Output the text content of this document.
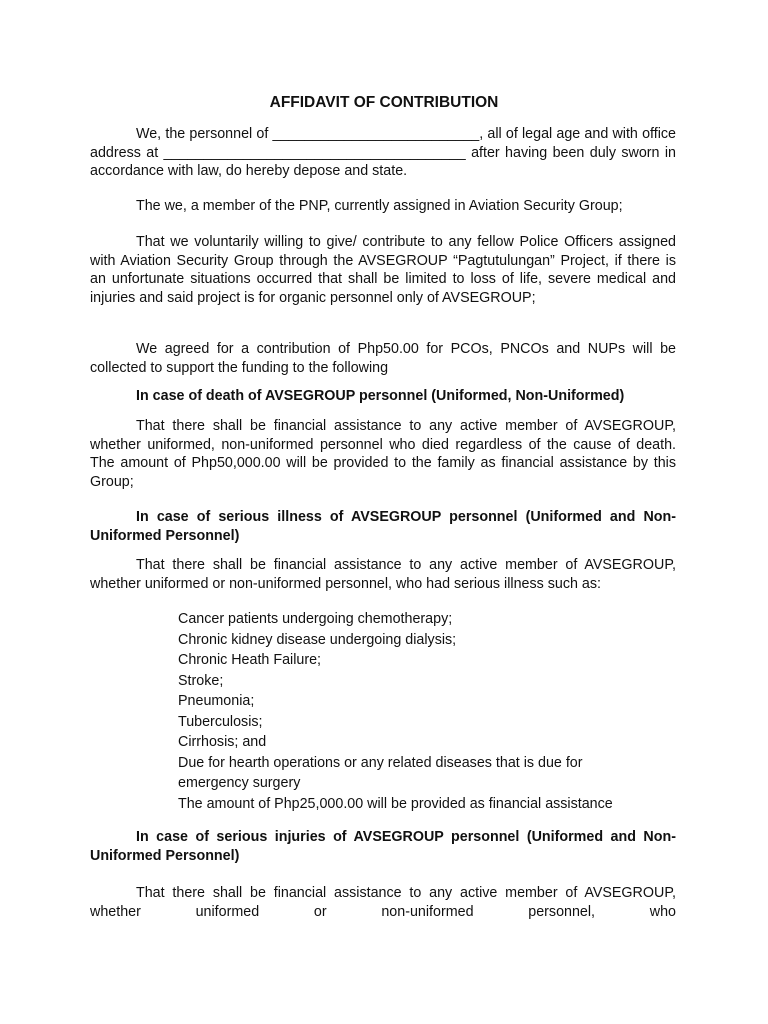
AFFIDAVIT OF CONTRIBUTION
We, the personnel of __________________________, all of legal age and with office address at ______________________________________ after having been duly sworn in accordance with law, do hereby depose and state.
The we, a member of the PNP, currently assigned in Aviation Security Group;
That we voluntarily willing to give/ contribute to any fellow Police Officers assigned with Aviation Security Group through the AVSEGROUP “Pagtutulungan” Project, if there is an unfortunate situations occurred that shall be limited to loss of life, severe medical and injuries and said project is for organic personnel only of AVSEGROUP;
We agreed for a contribution of Php50.00 for PCOs, PNCOs and NUPs will be collected to support the funding to the following
In case of death of AVSEGROUP personnel (Uniformed, Non-Uniformed)
That there shall be financial assistance to any active member of AVSEGROUP, whether uniformed, non-uniformed personnel who died regardless of the cause of death. The amount of Php50,000.00 will be provided to the family as financial assistance by this Group;
In case of serious illness of AVSEGROUP personnel (Uniformed and Non-Uniformed Personnel)
That there shall be financial assistance to any active member of AVSEGROUP, whether uniformed or non-uniformed personnel, who had serious illness such as:
Cancer patients undergoing chemotherapy;
Chronic kidney disease undergoing dialysis;
Chronic Heath Failure;
Stroke;
Pneumonia;
Tuberculosis;
Cirrhosis; and
Due for hearth operations or any related diseases that is due for emergency surgery
The amount of Php25,000.00 will be provided as financial assistance
In case of serious injuries of AVSEGROUP personnel (Uniformed and Non-Uniformed Personnel)
That there shall be financial assistance to any active member of AVSEGROUP, whether uniformed or non-uniformed personnel, who
